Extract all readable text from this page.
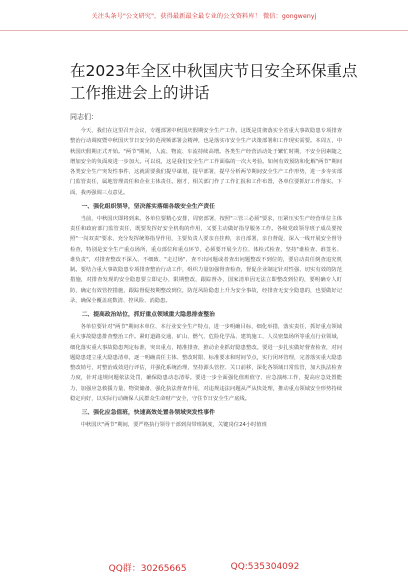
关注头条号"公文研究"，获得最新最全最专业的公文资料库！ 微信：gongwenyj
在2023年全区中秋国庆节日安全环保重点工作推进会上的讲话
同志们：

今天，我们在这里召开会议，专题部署中秋国庆假期安全生产工作。这既是贯彻落实全省重大事故隐患专项排查整治行动调度暨中秋国庆节日安全防范视频部署会精神，也是落实市安全生产决策部署和工作现实需要。本周五，中秋国庆假期正式开始。"两节"期间，人流、物流、车流持续高增。各类生产经营活动处于繁忙时期，不安全因素随之增加安全的负面度进一步加大。可以说，这是我们安全生产工作面临的一次大考验。如何有效预防和化解"两节"期间各类安全生产突发性事件，这就需要我们提早谋划，提早部署，提早分析两节期间安全生产工作形势，进一步夯实部门监管责任，属地管理责任和企业主体责任。刚才，相关部门作了工作汇报和工作布置，各单位要抓好工作落实。下面，我再强调三点意见。

一、强化组织领导，坚决落实落细各级安全生产责任

当前，中秋国庆即将到来。各单位要精心安排，周密部署，按照"三管三必须"要求，压紧压实生产经营单位主体责任和政府部门监管责任，既要发挥好安全机构的作用，又要主动做好指导服务工作。各级党政领导班子成员要按照"一岗双责"要求，充分发挥统筹指导作用，主要负责人要亲自挂帅，亲自部署，亲自督促，深入一线开展安全督导检查，特别是安全生产重点场所，重点部位和重点环节，必须要开展全方位、体检式检查，坚持"谁检查、谁签名、谁负责"，对排查整改不深入、不细致、"走过场"、查不出问题或者查出问题整改不到位的，要启动责任倒查追究机制。要结合重大事故隐患专项排查整治行动工作，组织力量加强督查检查，督促企业制定针对性强、切实有效的防范措施，对排查发现的安全隐患要立即定办，限期整改，跟踪督办，国家清单因无法立即整改到位的，要明确专人盯防，确定有效管控措施，跟踪督促按期整改到位，防范风险隐患上升为安全事故，经排查无安全隐患的，也要做好记录，确保全覆盖底数清、控风险、消隐患。

二、提高政治站位，抓好重点领域重大隐患排查整治

各单位要针对"两节"期间本单位、本行业安全生产特点，进一步明确目标，细化举措，落实责任，抓好重点领域重大事故隐患排查整治工作。紧盯道路交通、矿山、燃气、危险化学品、建筑施工、人员密集场所等重点行业领域，细化落实重大事故隐患判定标准，突出重点，精准排查，推动企业抓好隐患整改。要进一步扎实做好督查检查，对问题隐患建立重大隐患清单，逐一明确责任主体、整改时限、标准要求和时间节点，实行闭环管理，完善落实重大隐患整改销号，对整治成效进行评估，并强化系统治理，坚持源头管控、关口前移，深化各领域日常监管，加大执法检查力度，针对违规问题依法处罚，确保隐患动态清零。要进一步全面强化值班值守、应急演练工作，提高应急处置能力，加强应急救援力量、物资储备，强化执法督查作用，对违规违法问题从严从快处理，推动重点领域安全形势持续稳定向好，以实际行动确保人民群众生命财产安全，守住节日安全生产底线。

三、强化应急值班，快速高效处置各领域突发性事件

中秋国庆"两节"期间，要严格执行领导干部到岗带班制度，关键岗位24小时值班

QQ群：30265665	QQ:535304092
